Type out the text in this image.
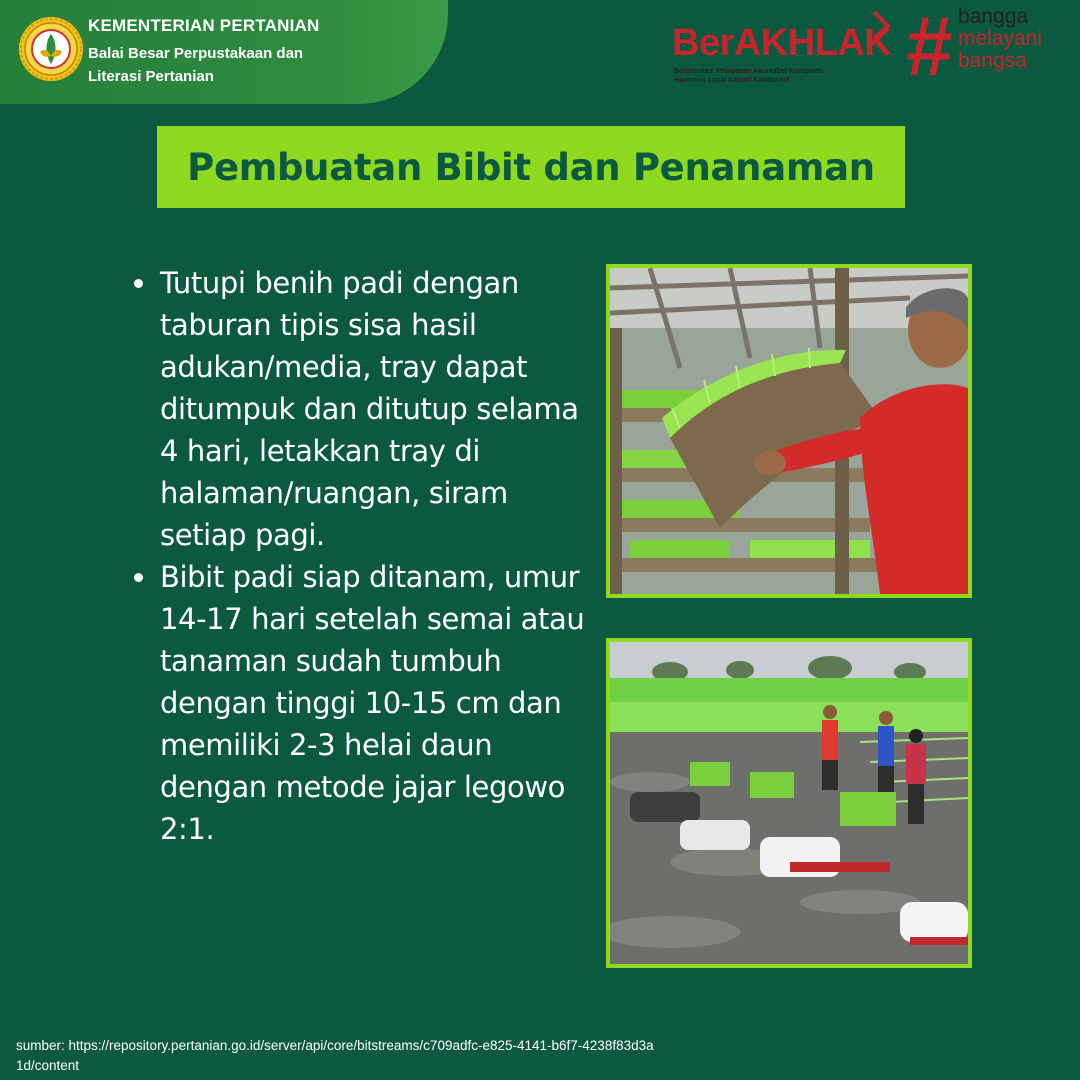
KEMENTERIAN PERTANIAN
Balai Besar Perpustakaan dan Literasi Pertanian
BerAKHLAK
Berorientasi Pelayanan Akuntabel Kompeten
Harmonis Loyal Adaptif Kolaboratif	# bangga
melayani
bangsa
Pembuatan Bibit dan Penanaman
Tutupi benih padi dengan taburan tipis sisa hasil adukan/media, tray dapat ditumpuk dan ditutup selama 4 hari, letakkan tray di halaman/ruangan, siram setiap pagi.
Bibit padi siap ditanam, umur 14-17 hari setelah semai atau tanaman sudah tumbuh dengan tinggi 10-15 cm dan memiliki 2-3 helai daun dengan metode jajar legowo 2:1.
sumber: https://repository.pertanian.go.id/server/api/core/bitstreams/c709adfc-e825-4141-b6f7-4238f83d3a1d/content
